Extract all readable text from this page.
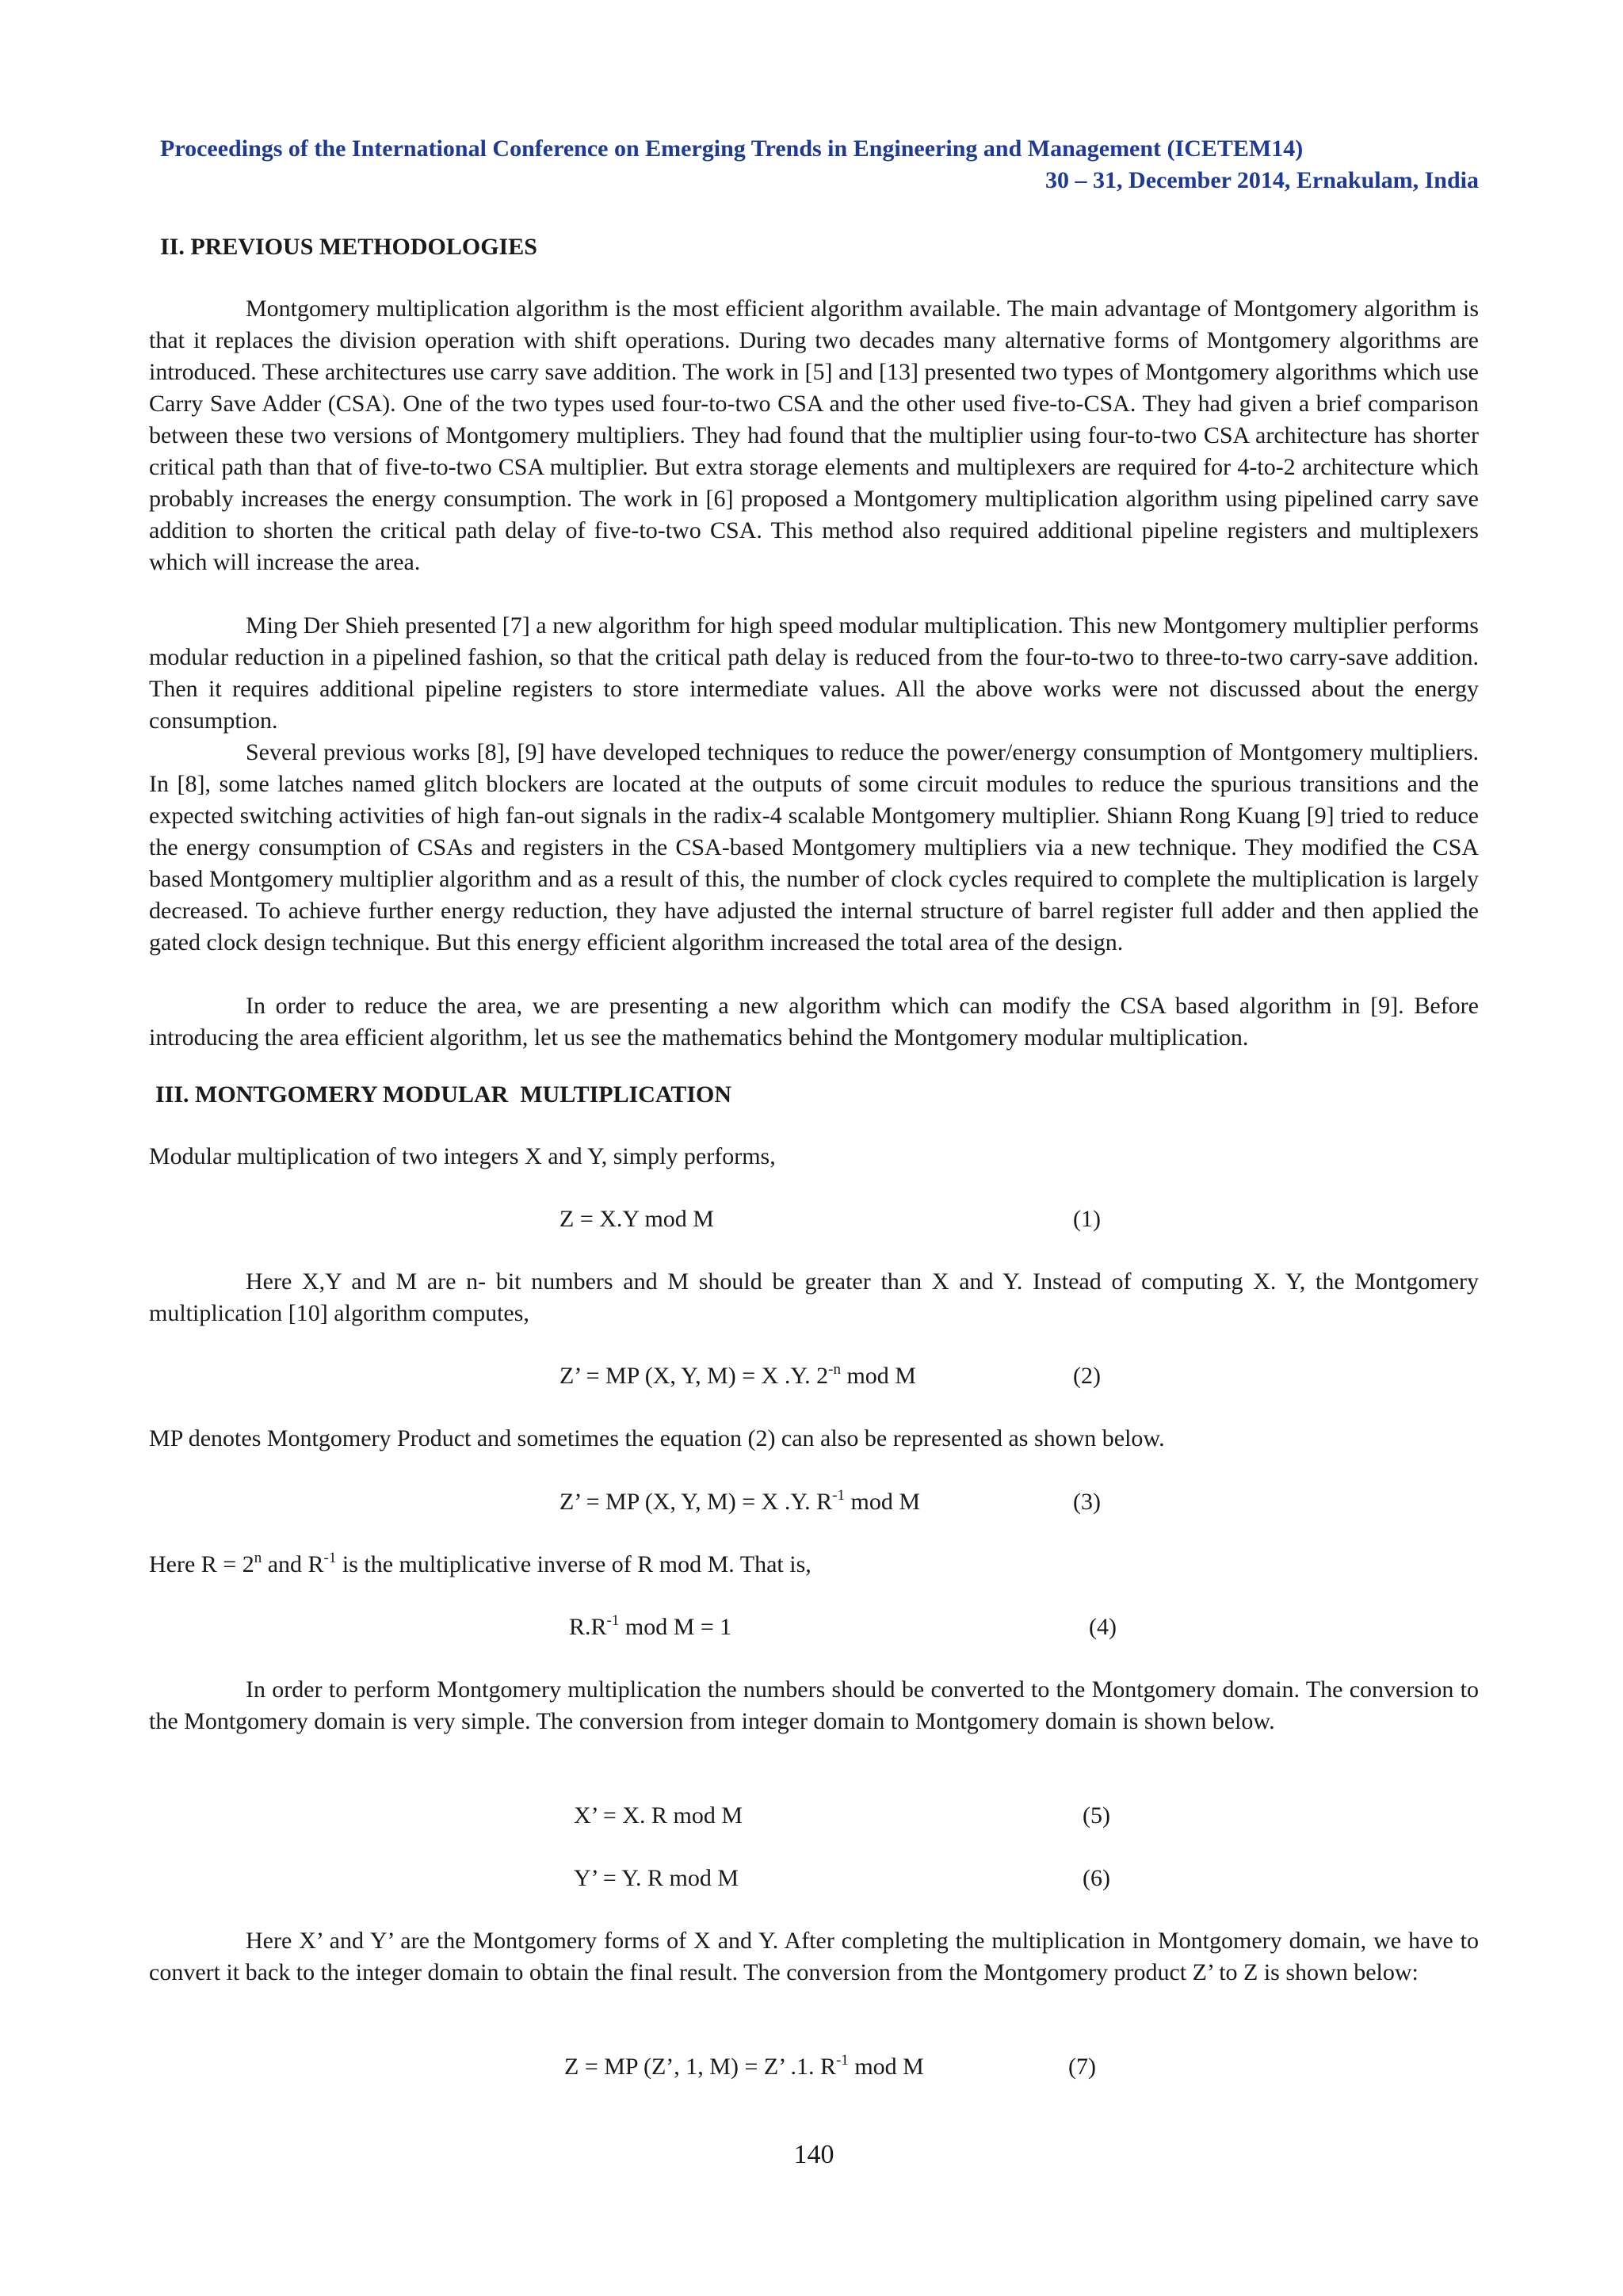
Proceedings of the International Conference on Emerging Trends in Engineering and Management (ICETEM14)
30 – 31, December 2014, Ernakulam, India
II. PREVIOUS METHODOLOGIES

Montgomery multiplication algorithm is the most efficient algorithm available. The main advantage of Montgomery algorithm is that it replaces the division operation with shift operations. During two decades many alternative forms of Montgomery algorithms are introduced. These architectures use carry save addition. The work in [5] and [13] presented two types of Montgomery algorithms which use Carry Save Adder (CSA). One of the two types used four-to-two CSA and the other used five-to-CSA. They had given a brief comparison between these two versions of Montgomery multipliers. They had found that the multiplier using four-to-two CSA architecture has shorter critical path than that of five-to-two CSA multiplier. But extra storage elements and multiplexers are required for 4-to-2 architecture which probably increases the energy consumption. The work in [6] proposed a Montgomery multiplication algorithm using pipelined carry save addition to shorten the critical path delay of five-to-two CSA. This method also required additional pipeline registers and multiplexers which will increase the area.

Ming Der Shieh presented [7] a new algorithm for high speed modular multiplication. This new Montgomery multiplier performs modular reduction in a pipelined fashion, so that the critical path delay is reduced from the four-to-two to three-to-two carry-save addition. Then it requires additional pipeline registers to store intermediate values. All the above works were not discussed about the energy consumption.

Several previous works [8], [9] have developed techniques to reduce the power/energy consumption of Montgomery multipliers. In [8], some latches named glitch blockers are located at the outputs of some circuit modules to reduce the spurious transitions and the expected switching activities of high fan-out signals in the radix-4 scalable Montgomery multiplier. Shiann Rong Kuang [9] tried to reduce the energy consumption of CSAs and registers in the CSA-based Montgomery multipliers via a new technique. They modified the CSA based Montgomery multiplier algorithm and as a result of this, the number of clock cycles required to complete the multiplication is largely decreased. To achieve further energy reduction, they have adjusted the internal structure of barrel register full adder and then applied the gated clock design technique. But this energy efficient algorithm increased the total area of the design.

In order to reduce the area, we are presenting a new algorithm which can modify the CSA based algorithm in [9]. Before introducing the area efficient algorithm, let us see the mathematics behind the Montgomery modular multiplication.

III. MONTGOMERY MODULAR  MULTIPLICATION

Modular multiplication of two integers X and Y, simply performs,

Z = X.Y mod M	(1)

Here X,Y and M are n- bit numbers and M should be greater than X and Y. Instead of computing X. Y, the Montgomery multiplication [10] algorithm computes,

Z’ = MP (X, Y, M) = X .Y. $2^{-n}$ mod M	(2)

MP denotes Montgomery Product and sometimes the equation (2) can also be represented as shown below.

Z’ = MP (X, Y, M) = X .Y. $R^{-1}$ mod M	(3)

Here $R = 2^n$ and $R^{-1}$ is the multiplicative inverse of R mod M. That is,

$R.R^{-1}$ mod M = 1	(4)

In order to perform Montgomery multiplication the numbers should be converted to the Montgomery domain. The conversion to the Montgomery domain is very simple. The conversion from integer domain to Montgomery domain is shown below.

X’ = X. R mod M	(5)
Y’ = Y. R mod M	(6)

Here X’ and Y’ are the Montgomery forms of X and Y. After completing the multiplication in Montgomery domain, we have to convert it back to the integer domain to obtain the final result. The conversion from the Montgomery product Z’ to Z is shown below:

Z = MP (Z’, 1, M) = Z’ .1. $R^{-1}$ mod M	(7)
140
